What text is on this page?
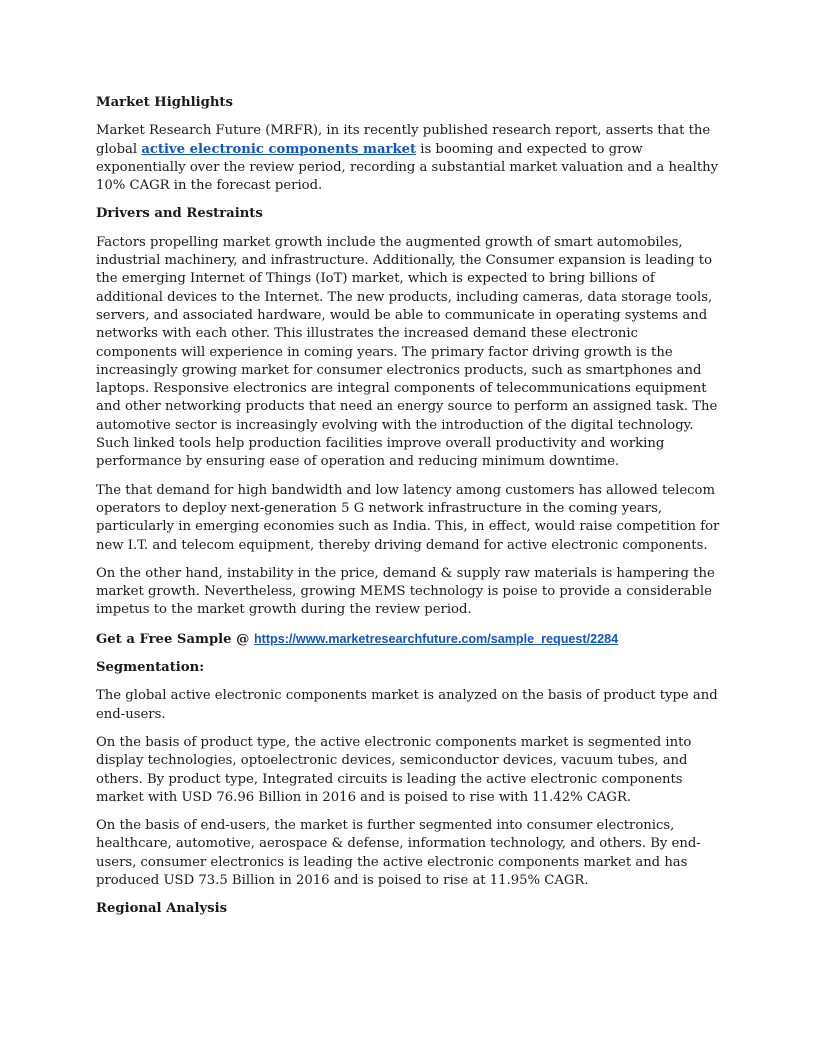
Market Highlights

Market Research Future (MRFR), in its recently published research report, asserts that the global active electronic components market is booming and expected to grow exponentially over the review period, recording a substantial market valuation and a healthy 10% CAGR in the forecast period.

Drivers and Restraints

Factors propelling market growth include the augmented growth of smart automobiles, industrial machinery, and infrastructure. Additionally, the Consumer expansion is leading to the emerging Internet of Things (IoT) market, which is expected to bring billions of additional devices to the Internet. The new products, including cameras, data storage tools, servers, and associated hardware, would be able to communicate in operating systems and networks with each other. This illustrates the increased demand these electronic components will experience in coming years. The primary factor driving growth is the increasingly growing market for consumer electronics products, such as smartphones and laptops. Responsive electronics are integral components of telecommunications equipment and other networking products that need an energy source to perform an assigned task. The automotive sector is increasingly evolving with the introduction of the digital technology. Such linked tools help production facilities improve overall productivity and working performance by ensuring ease of operation and reducing minimum downtime.

The that demand for high bandwidth and low latency among customers has allowed telecom operators to deploy next-generation 5 G network infrastructure in the coming years, particularly in emerging economies such as India. This, in effect, would raise competition for new I.T. and telecom equipment, thereby driving demand for active electronic components.

On the other hand, instability in the price, demand & supply raw materials is hampering the market growth. Nevertheless, growing MEMS technology is poise to provide a considerable impetus to the market growth during the review period.

Get a Free Sample @ https://www.marketresearchfuture.com/sample_request/2284
Segmentation:

The global active electronic components market is analyzed on the basis of product type and end-users.

On the basis of product type, the active electronic components market is segmented into display technologies, optoelectronic devices, semiconductor devices, vacuum tubes, and others. By product type, Integrated circuits is leading the active electronic components market with USD 76.96 Billion in 2016 and is poised to rise with 11.42% CAGR.

On the basis of end-users, the market is further segmented into consumer electronics, healthcare, automotive, aerospace & defense, information technology, and others. By end-users, consumer electronics is leading the active electronic components market and has produced USD 73.5 Billion in 2016 and is poised to rise at 11.95% CAGR.

Regional Analysis
